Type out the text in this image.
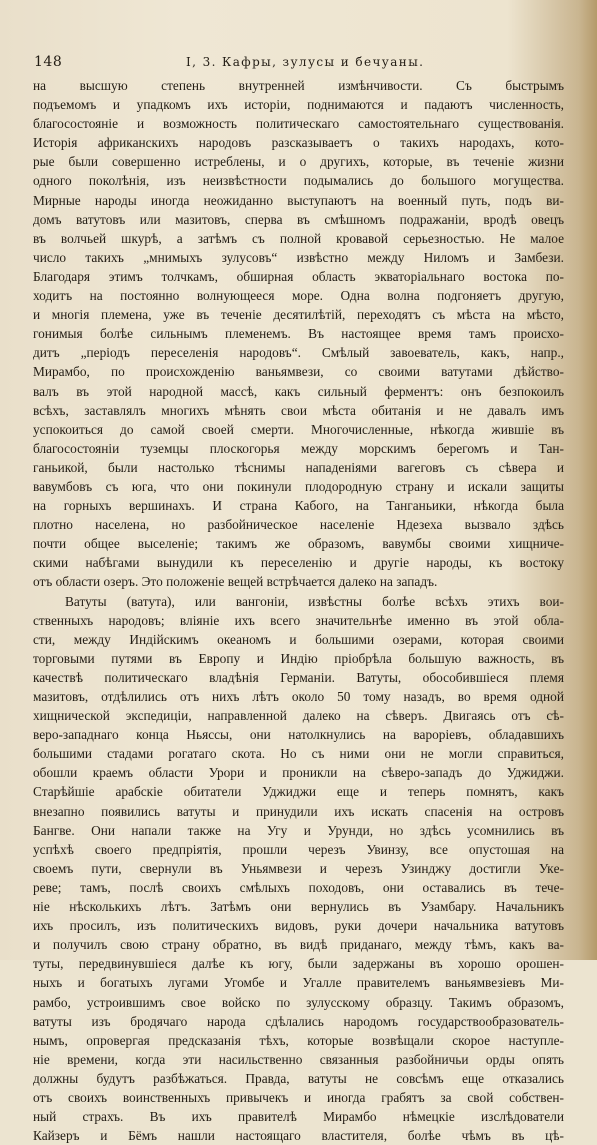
148	I, 3. Кафры, зулусы и бечуаны.
на высшую степень внутренней измѣнчивости. Съ быстрымъ
подъемомъ и упадкомъ ихъ исторіи, поднимаются и падаютъ численность,
благосостояніе и возможность политическаго самостоятельнаго существованія.
Исторія африканскихъ народовъ разсказываетъ о такихъ народахъ, кото-
рые были совершенно истреблены, и о другихъ, которые, въ теченіе жизни
одного поколѣнія, изъ неизвѣстности подымались до большого могущества.
Мирные народы иногда неожиданно выступаютъ на военный путь, подъ ви-
домъ ватутовъ или мазитовъ, сперва въ смѣшномъ подражаніи, вродѣ овецъ
въ волчьей шкурѣ, а затѣмъ съ полной кровавой серьезностью. Не малое
число такихъ „мнимыхъ зулусовъ“ извѣстно между Ниломъ и Замбези.
Благодаря этимъ толчкамъ, обширная область экваторіальнаго востока по-
ходитъ на постоянно волнующееся море. Одна волна подгоняетъ другую,
и многія племена, уже въ теченіе десятилѣтій, переходятъ съ мѣста на мѣсто,
гонимыя болѣе сильнымъ племенемъ. Въ настоящее время тамъ происхо-
дитъ „періодъ переселенія народовъ“. Смѣлый завоеватель, какъ, напр.,
Мирамбо, по происхожденію ваньямвези, со своими ватутами дѣйство-
валъ въ этой народной массѣ, какъ сильный ферментъ: онъ безпокоилъ
всѣхъ, заставлялъ многихъ мѣнять свои мѣста обитанія и не давалъ имъ
успокоиться до самой своей смерти. Многочисленные, нѣкогда жившіе въ
благосостояніи туземцы плоскогорья между морскимъ берегомъ и Тан-
ганьикой, были настолько тѣснимы нападеніями вагеговъ съ сѣвера и
вавумбовъ съ юга, что они покинули плодородную страну и искали защиты
на горныхъ вершинахъ. И страна Кабого, на Танганьики, нѣкогда была
плотно населена, но разбойническое населеніе Ндезеха вызвало здѣсь
почти общее выселеніе; такимъ же образомъ, вавумбы своими хищниче-
скими набѣгами вынудили къ переселенію и другіе народы, къ востоку
отъ области озеръ. Это положеніе вещей встрѣчается далеко на западъ.
Ватуты (ватута), или вангоніи, извѣстны болѣе всѣхъ этихъ вои-
ственныхъ народовъ; вліяніе ихъ всего значительнѣе именно въ этой обла-
сти, между Индійскимъ океаномъ и большими озерами, которая своими
торговыми путями въ Европу и Индію пріобрѣла большую важность, въ
качествѣ политическаго владѣнія Германіи. Ватуты, обособившіеся племя
мазитовъ, отдѣлились отъ нихъ лѣтъ около 50 тому назадъ, во время одной
хищнической экспедиціи, направленной далеко на сѣверъ. Двигаясь отъ сѣ-
веро-западнаго конца Ньяссы, они натолкнулись на вароріевъ, обладавшихъ
большими стадами рогатаго скота. Но съ ними они не могли справиться,
обошли краемъ области Урори и проникли на сѣверо-западъ до Уджиджи.
Старѣйшіе арабскіе обитатели Уджиджи еще и теперь помнятъ, какъ
внезапно появились ватуты и принудили ихъ искать спасенія на островъ
Бангве. Они напали также на Угу и Урунди, но здѣсь усомнились въ
успѣхѣ своего предпріятія, прошли черезъ Увинзу, все опустошая на
своемъ пути, свернули въ Уньямвези и черезъ Узинджу достигли Укe-
реве; тамъ, послѣ своихъ смѣлыхъ походовъ, они оставались въ тече-
ніе нѣсколькихъ лѣтъ. Затѣмъ они вернулись въ Узамбару. Начальникъ
ихъ просилъ, изъ политическихъ видовъ, руки дочери начальника ватутовъ
и получилъ свою страну обратно, въ видѣ приданаго, между тѣмъ, какъ ва-
туты, передвинувшіеся далѣе къ югу, были задержаны въ хорошо орошен-
ныхъ и богатыхъ лугами Угомбе и Угалле правителемъ ваньямвезіевъ Ми-
рамбо, устроившимъ свое войско по зулусскому образцу. Такимъ образомъ,
ватуты изъ бродячаго народа сдѣлались народомъ государствообразователь-
нымъ, опровергая предсказанія тѣхъ, которые возвѣщали скорое наступле-
ніе времени, когда эти насильственно связанныя разбойничьи орды опять
должны будутъ разбѣжаться. Правда, ватуты не совсѣмъ еще отказались
отъ своихъ воинственныхъ привычекъ и иногда грабятъ за свой собствен-
ный страхъ. Въ ихъ правителѣ Мирамбо нѣмецкіе изслѣдователи
Кайзеръ и Бёмъ нашли настоящаго властителя, болѣе чѣмъ въ цѣ-
